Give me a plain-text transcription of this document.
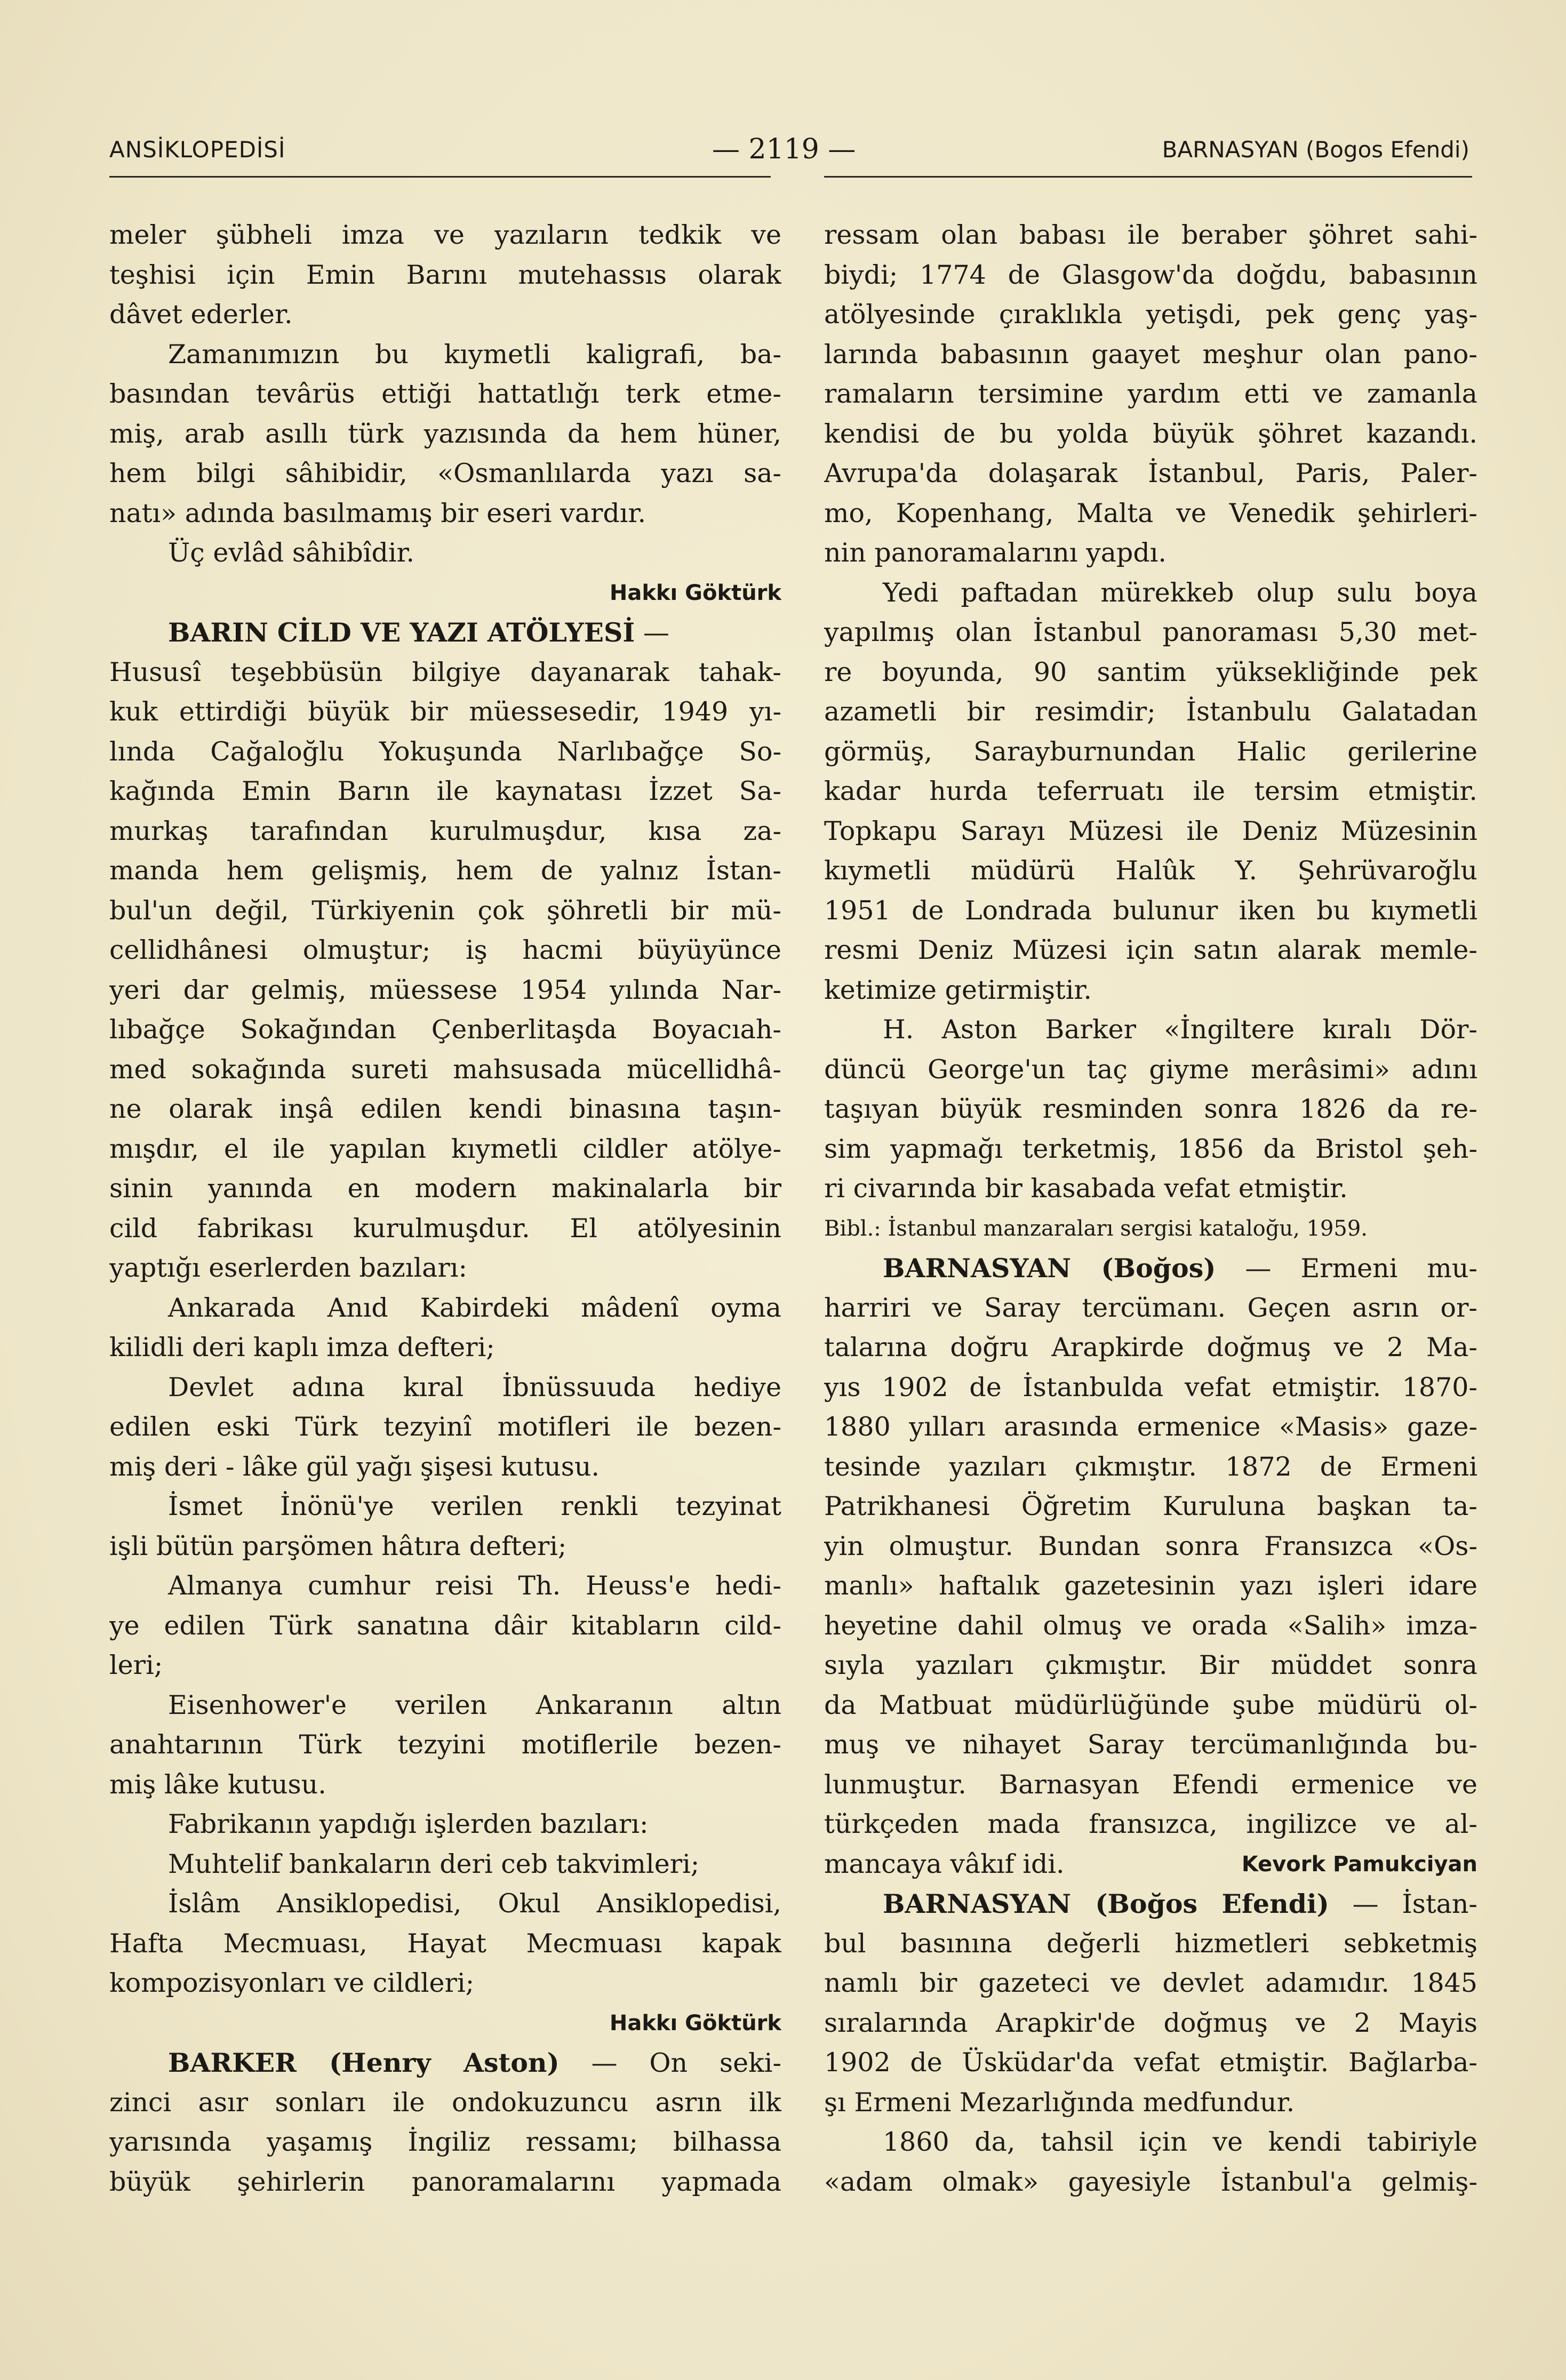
ANSİKLOPEDİSİ	— 2119 —	BARNASYAN (Bogos Efendi)
meler şübheli imza ve yazıların tedkik ve
teşhisi için Emin Barını mutehassıs olarak
dâvet ederler.
Zamanımızın bu kıymetli kaligrafi, ba-
basından tevârüs ettiği hattatlığı terk etme-
miş, arab asıllı türk yazısında da hem hüner,
hem bilgi sâhibidir, «Osmanlılarda yazı sa-
natı» adında basılmamış bir eseri vardır.
Üç evlâd sâhibîdir.
Hakkı Göktürk
BARIN CİLD VE YAZI ATÖLYESİ —
Hususî teşebbüsün bilgiye dayanarak tahak-
kuk ettirdiği büyük bir müessesedir, 1949 yı-
lında Cağaloğlu Yokuşunda Narlıbağçe So-
kağında Emin Barın ile kaynatası İzzet Sa-
murkaş tarafından kurulmuşdur, kısa za-
manda hem gelişmiş, hem de yalnız İstan-
bul'un değil, Türkiyenin çok şöhretli bir mü-
cellidhânesi olmuştur; iş hacmi büyüyünce
yeri dar gelmiş, müessese 1954 yılında Nar-
lıbağçe Sokağından Çenberlitaşda Boyacıah-
med sokağında sureti mahsusada mücellidhâ-
ne olarak inşâ edilen kendi binasına taşın-
mışdır, el ile yapılan kıymetli cildler atölye-
sinin yanında en modern makinalarla bir
cild fabrikası kurulmuşdur. El atölyesinin
yaptığı eserlerden bazıları:
Ankarada Anıd Kabirdeki mâdenî oyma
kilidli deri kaplı imza defteri;
Devlet adına kıral İbnüssuuda hediye
edilen eski Türk tezyinî motifleri ile bezen-
miş deri - lâke gül yağı şişesi kutusu.
İsmet İnönü'ye verilen renkli tezyinat
işli bütün parşömen hâtıra defteri;
Almanya cumhur reisi Th. Heuss'e hedi-
ye edilen Türk sanatına dâir kitabların cild-
leri;
Eisenhower'e verilen Ankaranın altın
anahtarının Türk tezyini motiflerile bezen-
miş lâke kutusu.
Fabrikanın yapdığı işlerden bazıları:
Muhtelif bankaların deri ceb takvimleri;
İslâm Ansiklopedisi, Okul Ansiklopedisi,
Hafta Mecmuası, Hayat Mecmuası kapak
kompozisyonları ve cildleri;
Hakkı Göktürk
BARKER (Henry Aston) — On seki-
zinci asır sonları ile ondokuzuncu asrın ilk
yarısında yaşamış İngiliz ressamı; bilhassa
büyük şehirlerin panoramalarını yapmada
ressam olan babası ile beraber şöhret sahi-
biydi; 1774 de Glasgow'da doğdu, babasının
atölyesinde çıraklıkla yetişdi, pek genç yaş-
larında babasının gaayet meşhur olan pano-
ramaların tersimine yardım etti ve zamanla
kendisi de bu yolda büyük şöhret kazandı.
Avrupa'da dolaşarak İstanbul, Paris, Paler-
mo, Kopenhang, Malta ve Venedik şehirleri-
nin panoramalarını yapdı.
Yedi paftadan mürekkeb olup sulu boya
yapılmış olan İstanbul panoraması 5,30 met-
re boyunda, 90 santim yüksekliğinde pek
azametli bir resimdir; İstanbulu Galatadan
görmüş, Sarayburnundan Halic gerilerine
kadar hurda teferruatı ile tersim etmiştir.
Topkapu Sarayı Müzesi ile Deniz Müzesinin
kıymetli müdürü Halûk Y. Şehrüvaroğlu
1951 de Londrada bulunur iken bu kıymetli
resmi Deniz Müzesi için satın alarak memle-
ketimize getirmiştir.
H. Aston Barker «İngiltere kıralı Dör-
düncü George'un taç giyme merâsimi» adını
taşıyan büyük resminden sonra 1826 da re-
sim yapmağı terketmiş, 1856 da Bristol şeh-
ri civarında bir kasabada vefat etmiştir.
Bibl.: İstanbul manzaraları sergisi kataloğu, 1959.
BARNASYAN (Boğos) — Ermeni mu-
harriri ve Saray tercümanı. Geçen asrın or-
talarına doğru Arapkirde doğmuş ve 2 Ma-
yıs 1902 de İstanbulda vefat etmiştir. 1870-
1880 yılları arasında ermenice «Masis» gaze-
tesinde yazıları çıkmıştır. 1872 de Ermeni
Patrikhanesi Öğretim Kuruluna başkan ta-
yin olmuştur. Bundan sonra Fransızca «Os-
manlı» haftalık gazetesinin yazı işleri idare
heyetine dahil olmuş ve orada «Salih» imza-
sıyla yazıları çıkmıştır. Bir müddet sonra
da Matbuat müdürlüğünde şube müdürü ol-
muş ve nihayet Saray tercümanlığında bu-
lunmuştur. Barnasyan Efendi ermenice ve
türkçeden mada fransızca, ingilizce ve al-
mancaya vâkıf idi.	Kevork Pamukciyan
BARNASYAN (Boğos Efendi) — İstan-
bul basınına değerli hizmetleri sebketmiş
namlı bir gazeteci ve devlet adamıdır. 1845
sıralarında Arapkir'de doğmuş ve 2 Mayis
1902 de Üsküdar'da vefat etmiştir. Bağlarba-
şı Ermeni Mezarlığında medfundur.
1860 da, tahsil için ve kendi tabiriyle
«adam olmak» gayesiyle İstanbul'a gelmiş-
